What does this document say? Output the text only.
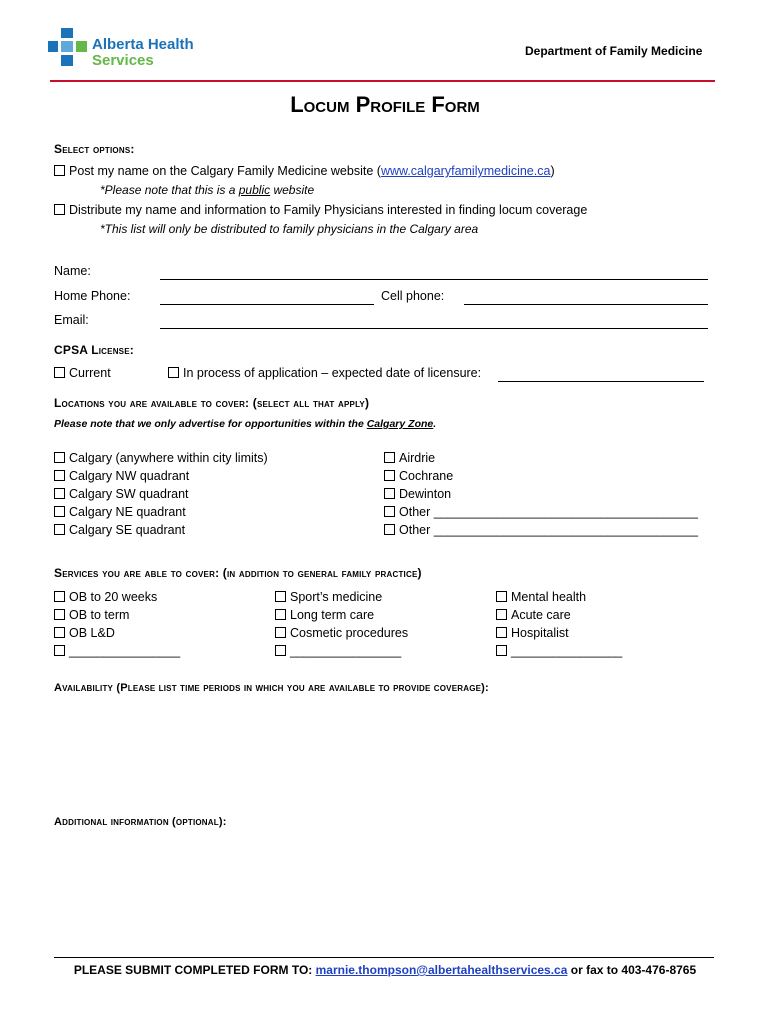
Alberta Health
Services
Department of Family Medicine
Locum Profile Form
Select options:
Post my name on the Calgary Family Medicine website (www.calgaryfamilymedicine.ca)
*Please note that this is a public website
Distribute my name and information to Family Physicians interested in finding locum coverage
*This list will only be distributed to family physicians in the Calgary area
Name:
Home Phone:	Cell phone:
Email:
CPSA License:
Current	In process of application – expected date of licensure:
Locations you are available to cover: (select all that apply)
Please note that we only advertise for opportunities within the Calgary Zone.
Calgary (anywhere within city limits)
Calgary NW quadrant
Calgary SW quadrant
Calgary NE quadrant
Calgary SE quadrant
Airdrie
Cochrane
Dewinton
Other ______________________________________
Other ______________________________________
Services you are able to cover: (in addition to general family practice)
OB to 20 weeks
OB to term
OB L&D
________________
Sport’s medicine
Long term care
Cosmetic procedures
________________
Mental health
Acute care
Hospitalist
________________
Availability (Please list time periods in which you are available to provide coverage):
Additional information (optional):
PLEASE SUBMIT COMPLETED FORM TO: marnie.thompson@albertahealthservices.ca or fax to 403-476-8765
